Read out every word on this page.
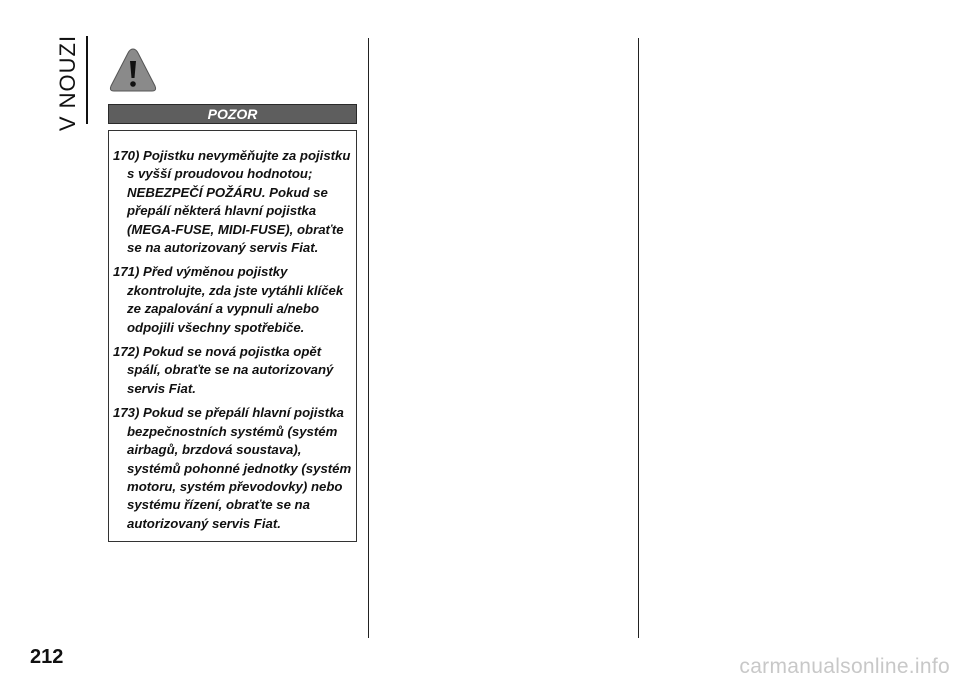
V NOUZI	POZOR

170) Pojistku nevyměňujte za pojistku s vyšší proudovou hodnotou; NEBEZPEČÍ POŽÁRU. Pokud se přepálí některá hlavní pojistka (MEGA-FUSE, MIDI-FUSE), obraťte se na autorizovaný servis Fiat.

171) Před výměnou pojistky zkontrolujte, zda jste vytáhli klíček ze zapalování a vypnuli a/nebo odpojili všechny spotřebiče.

172) Pokud se nová pojistka opět spálí, obraťte se na autorizovaný servis Fiat.

173) Pokud se přepálí hlavní pojistka bezpečnostních systémů (systém airbagů, brzdová soustava), systémů pohonné jednotky (systém motoru, systém převodovky) nebo systému řízení, obraťte se na autorizovaný servis Fiat.

212	carmanualsonline.info
